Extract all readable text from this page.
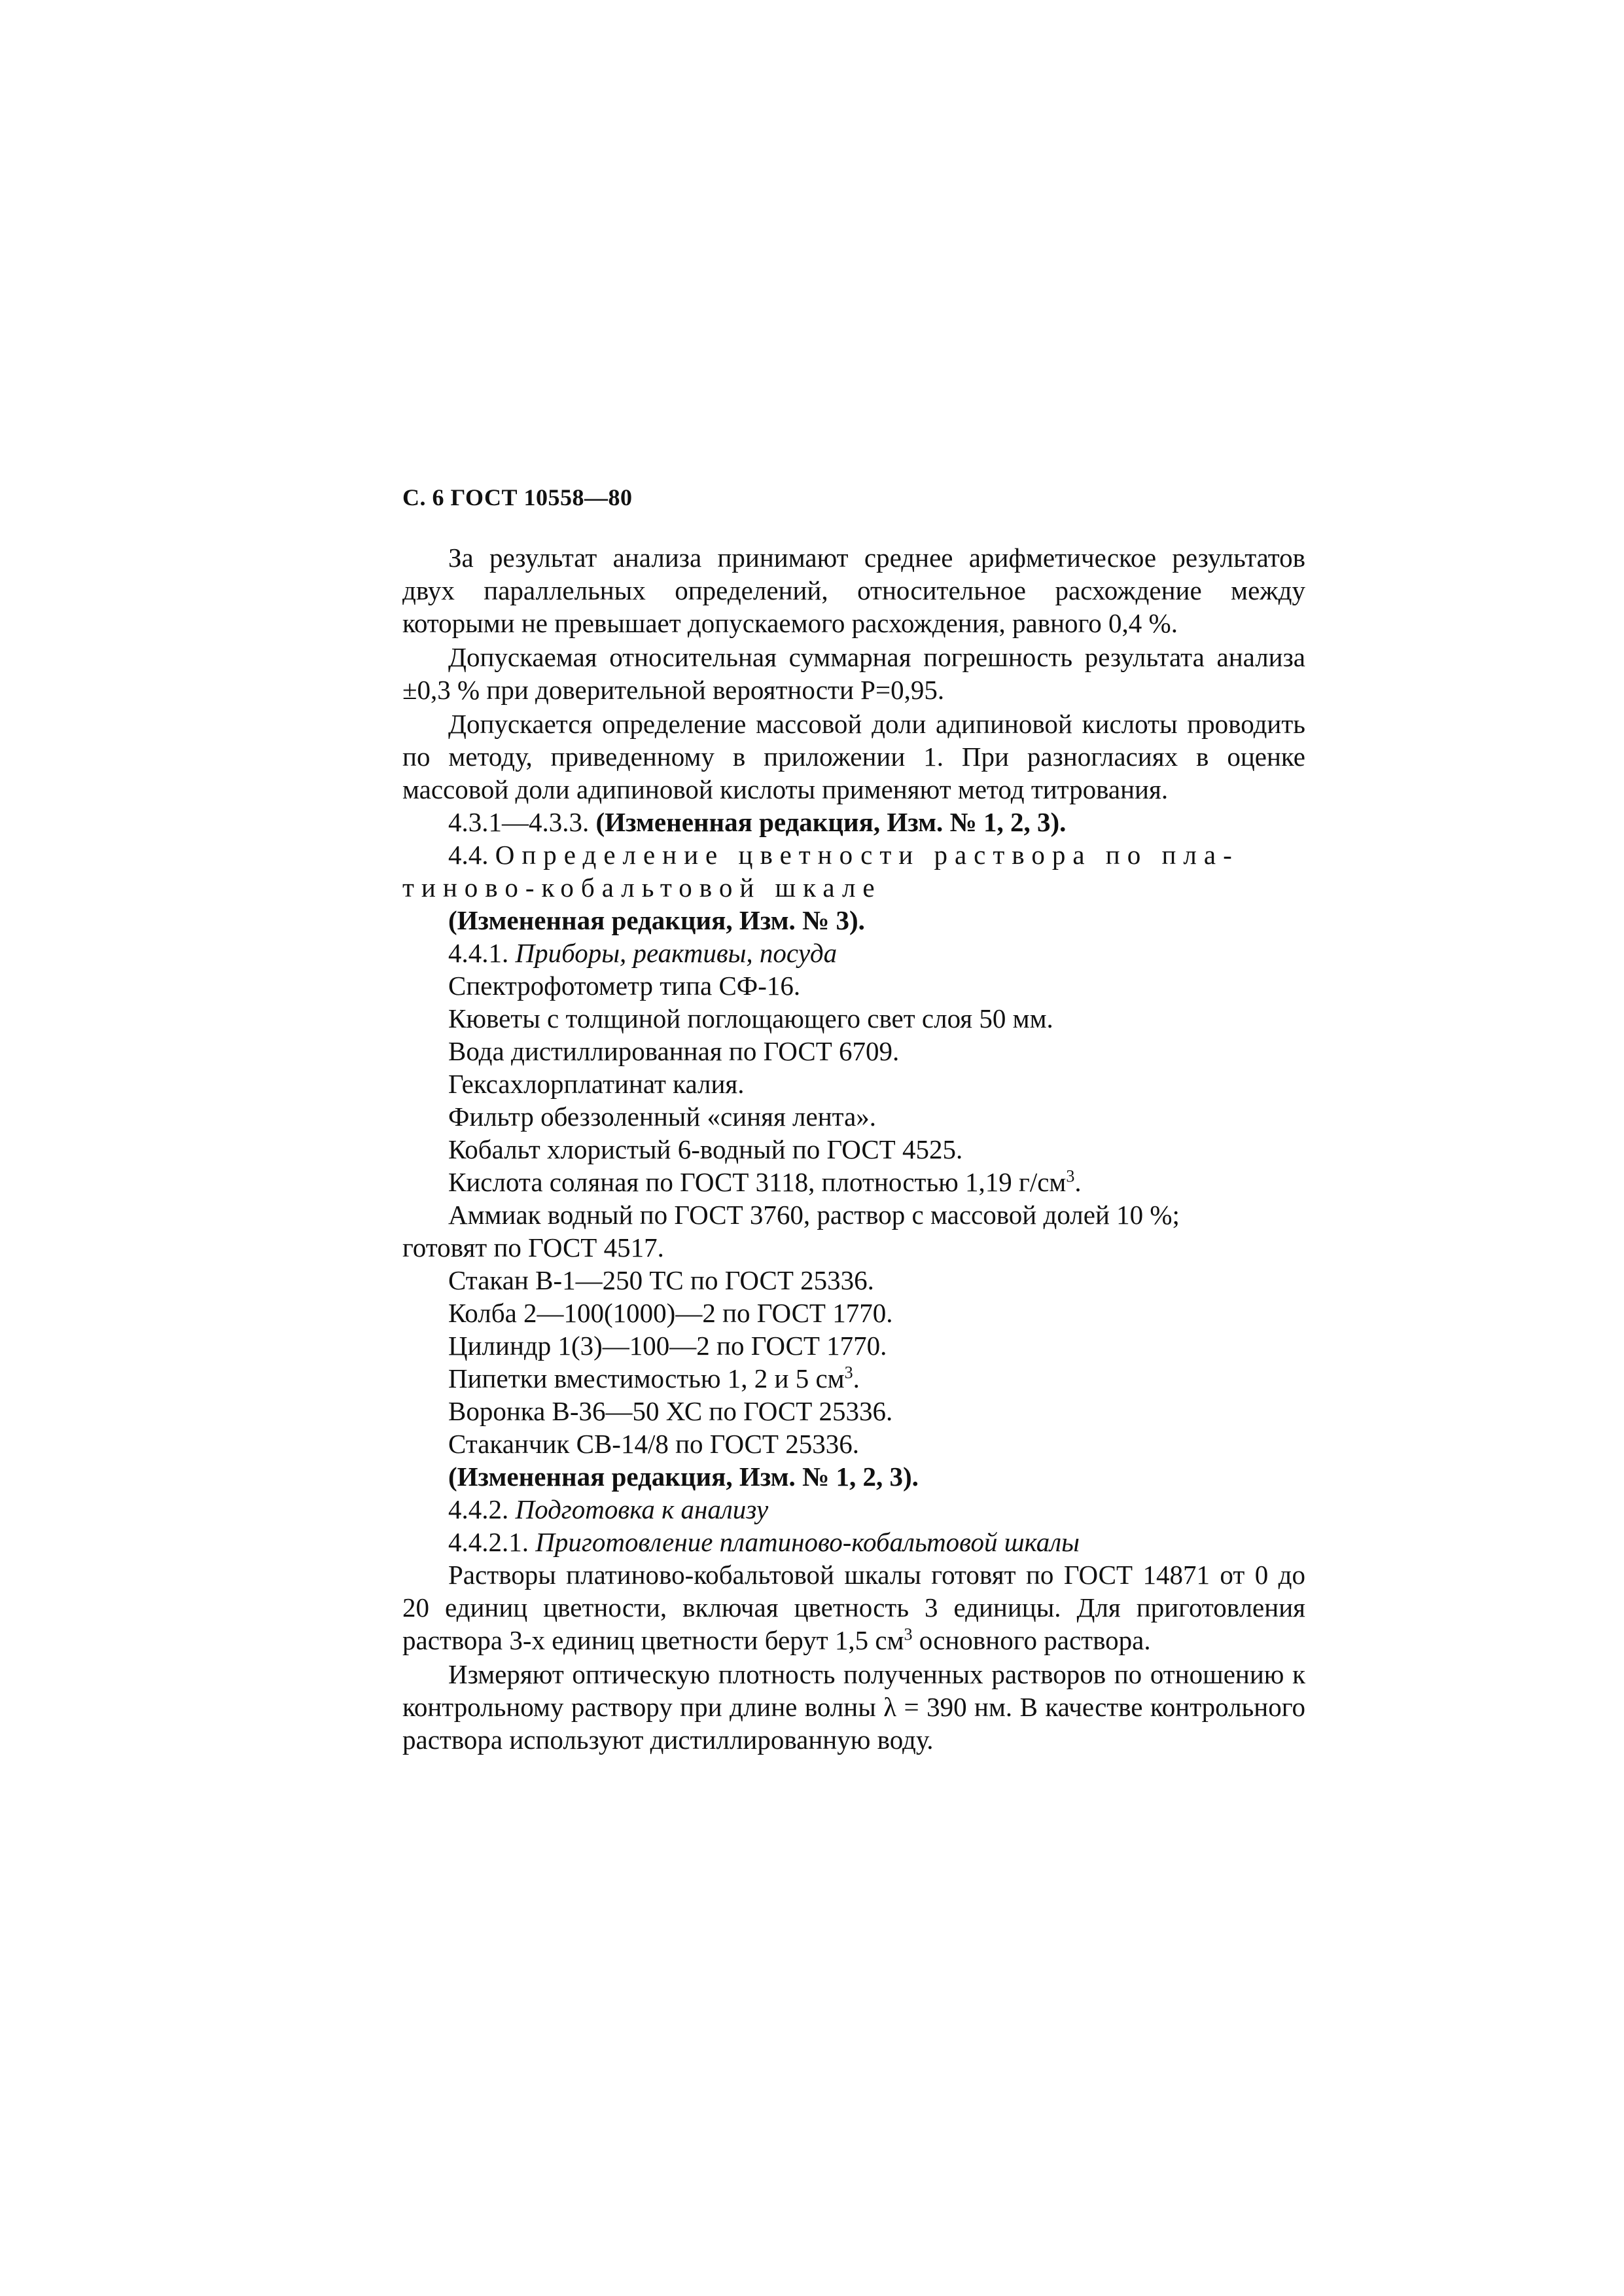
С. 6 ГОСТ 10558—80

За результат анализа принимают среднее арифметическое результатов двух параллельных определений, относительное расхождение между которыми не превышает допускаемого расхождения, равного 0,4 %.

Допускаемая относительная суммарная погрешность результата анализа ±0,3 % при доверительной вероятности Р=0,95.

Допускается определение массовой доли адипиновой кислоты проводить по методу, приведенному в приложении 1. При разногласиях в оценке массовой доли адипиновой кислоты применяют метод титрования.

4.3.1—4.3.3. (Измененная редакция, Изм. № 1, 2, 3).

4.4. Определение цветности раствора по пла-
тиново-кобальтовой шкале

(Измененная редакция, Изм. № 3).

4.4.1. Приборы, реактивы, посуда

Спектрофотометр типа СФ-16.

Кюветы с толщиной поглощающего свет слоя 50 мм.

Вода дистиллированная по ГОСТ 6709.

Гексахлорплатинат калия.

Фильтр обеззоленный «синяя лента».

Кобальт хлористый 6-водный по ГОСТ 4525.

Кислота соляная по ГОСТ 3118, плотностью 1,19 $г/см^3$.

Аммиак водный по ГОСТ 3760, раствор с массовой долей 10 %;
готовят по ГОСТ 4517.

Стакан В-1—250 ТС по ГОСТ 25336.

Колба 2—100(1000)—2 по ГОСТ 1770.

Цилиндр 1(3)—100—2 по ГОСТ 1770.

Пипетки вместимостью 1, 2 и 5 $см^3$.

Воронка В-36—50 ХС по ГОСТ 25336.

Стаканчик СВ-14/8 по ГОСТ 25336.

(Измененная редакция, Изм. № 1, 2, 3).

4.4.2. Подготовка к анализу

4.4.2.1. Приготовление платиново-кобальтовой шкалы

Растворы платиново-кобальтовой шкалы готовят по ГОСТ 14871 от 0 до 20 единиц цветности, включая цветность 3 единицы. Для приготовления раствора 3-х единиц цветности берут 1,5 $см^3$ основного раствора.

Измеряют оптическую плотность полученных растворов по отношению к контрольному раствору при длине волны λ = 390 нм. В качестве контрольного раствора используют дистиллированную воду.
